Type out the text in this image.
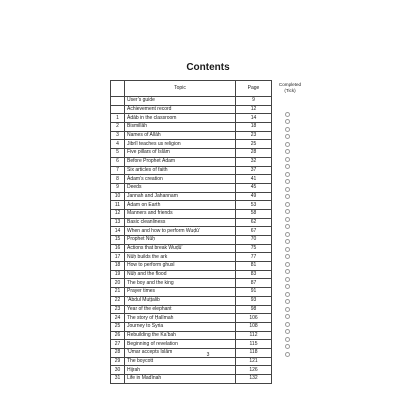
Contents
	Topic	Page
	User’s guide	9
	Achievement record	12
1	Ādāb in the classroom	14
2	Bismillāh	18
3	Names of Allāh	23
4	Jibrīl teaches us religion	25
5	Five pillars of Islām	28
6	Before Prophet Ādam	32
7	Six articles of faith	37
8	Ādam’s creation	41
9	Deeds	45
10	Jannah and Jahannam	49
11	Ādam on Earth	53
12	Manners and friends	58
13	Basic cleanliness	62
14	When and how to perform Wuḍū’	67
15	Prophet Nūḥ	70
16	Actions that break Wuḍū’	75
17	Nūḥ builds the ark	77
18	How to perform ghusl	81
19	Nūḥ and the flood	83
20	The boy and the king	87
21	Prayer times	91
22	‘Abdul Muṭṭalib	93
23	Year of the elephant	98
24	The story of Ḥalīmah	106
25	Journey to Syria	108
26	Rebuilding the Ka’bah	112
27	Beginning of revelation	115
28	‘Umar accepts Islām	118
29	The boycott	121
30	Hijrah	126
31	Life in Madīnah	132
Completed
(Tick)
3
